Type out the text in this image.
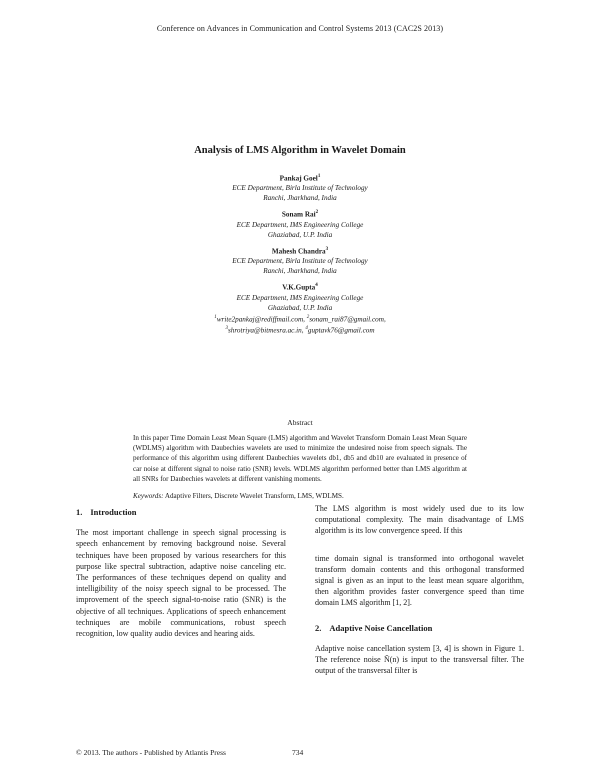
Conference on Advances in Communication and Control Systems 2013 (CAC2S 2013)
Analysis of LMS Algorithm in Wavelet Domain
Pankaj Goel$^1$
ECE Department, Birla Institute of Technology
Ranchi, Jharkhand, India
Sonam Rai$^2$
ECE Department, IMS Engineering College
Ghaziabad, U.P. India
Mahesh Chandra$^3$
ECE Department, Birla Institute of Technology
Ranchi, Jharkhand, India
V.K.Gupta$^4$
ECE Department, IMS Engineering College
Ghaziabad, U.P. India
$^1$write2pankaj@rediffmail.com, $^2$sonam_rai87@gmail.com,
$^3$shrotriya@bitmesra.ac.in, $^4$guptavk76@gmail.com
Abstract
In this paper Time Domain Least Mean Square (LMS) algorithm and Wavelet Transform Domain Least Mean Square (WDLMS) algorithm with Daubechies wavelets are used to minimize the undesired noise from speech signals. The performance of this algorithm using different Daubechies wavelets db1, db5 and db10 are evaluated in presence of car noise at different signal to noise ratio (SNR) levels. WDLMS algorithm performed better than LMS algorithm at all SNRs for Daubechies wavelets at different vanishing moments.
Keywords: Adaptive Filters, Discrete Wavelet Transform, LMS, WDLMS.
1. Introduction

The most important challenge in speech signal processing is speech enhancement by removing background noise. Several techniques have been proposed by various researchers for this purpose like spectral subtraction, adaptive noise canceling etc. The performances of these techniques depend on quality and intelligibility of the noisy speech signal to be processed. The improvement of the speech signal-to-noise ratio (SNR) is the objective of all techniques. Applications of speech enhancement techniques are mobile communications, robust speech recognition, low quality audio devices and hearing aids.

The LMS algorithm is most widely used due to its low computational complexity. The main disadvantage of LMS algorithm is its low convergence speed. If this

time domain signal is transformed into orthogonal wavelet transform domain contents and this orthogonal transformed signal is given as an input to the least mean square algorithm, then algorithm provides faster convergence speed than time domain LMS algorithm [1, 2].

2. Adaptive Noise Cancellation

Adaptive noise cancellation system [3, 4] is shown in Figure 1. The reference noise Ñ(n) is input to the transversal filter. The output of the transversal filter is

© 2013. The authors - Published by Atlantis Press	734
